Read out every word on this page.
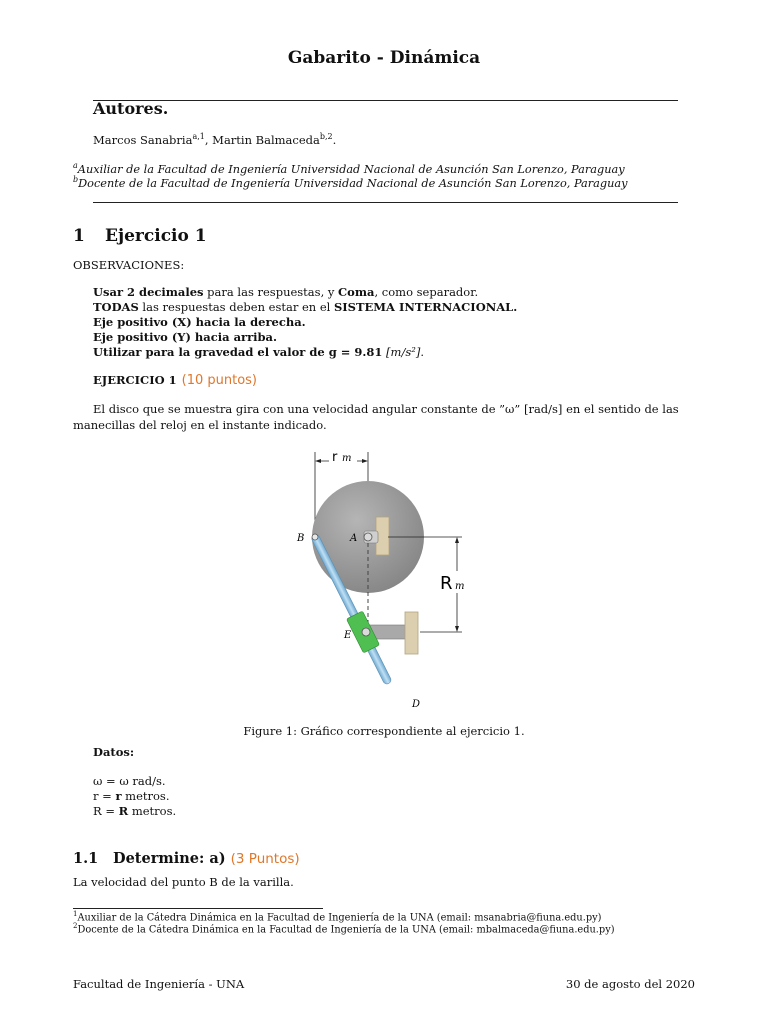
Gabarito - Dinámica
Autores.
Marcos Sanabria$^{a,1}$, Martin Balmaceda$^{b,2}$.
$^a$Auxiliar de la Facultad de Ingeniería Universidad Nacional de Asunción San Lorenzo, Paraguay
$^b$Docente de la Facultad de Ingeniería Universidad Nacional de Asunción San Lorenzo, Paraguay
1 Ejercicio 1
OBSERVACIONES:
Usar 2 decimales para las respuestas, y Coma, como separador.
TODAS las respuestas deben estar en el SISTEMA INTERNACIONAL.
Eje positivo (X) hacia la derecha.
Eje positivo (Y) hacia arriba.
Utilizar para la gravedad el valor de g = 9.81 [m/s²].
EJERCICIO 1 (10 puntos)
El disco que se muestra gira con una velocidad angular constante de ”ω” [rad/s] en el sentido de las manecillas del reloj en el instante indicado.
r m
R m
B	A
E
D
Figure 1: Gráfico correspondiente al ejercicio 1.
Datos:
ω = ω rad/s.
r = r metros.
R = R metros.
1.1 Determine: a) (3 Puntos)
La velocidad del punto B de la varilla.
$^1$Auxiliar de la Cátedra Dinámica en la Facultad de Ingeniería de la UNA (email: msanabria@fiuna.edu.py)
$^2$Docente de la Cátedra Dinámica en la Facultad de Ingeniería de la UNA (email: mbalmaceda@fiuna.edu.py)
Facultad de Ingeniería - UNA	30 de agosto del 2020
